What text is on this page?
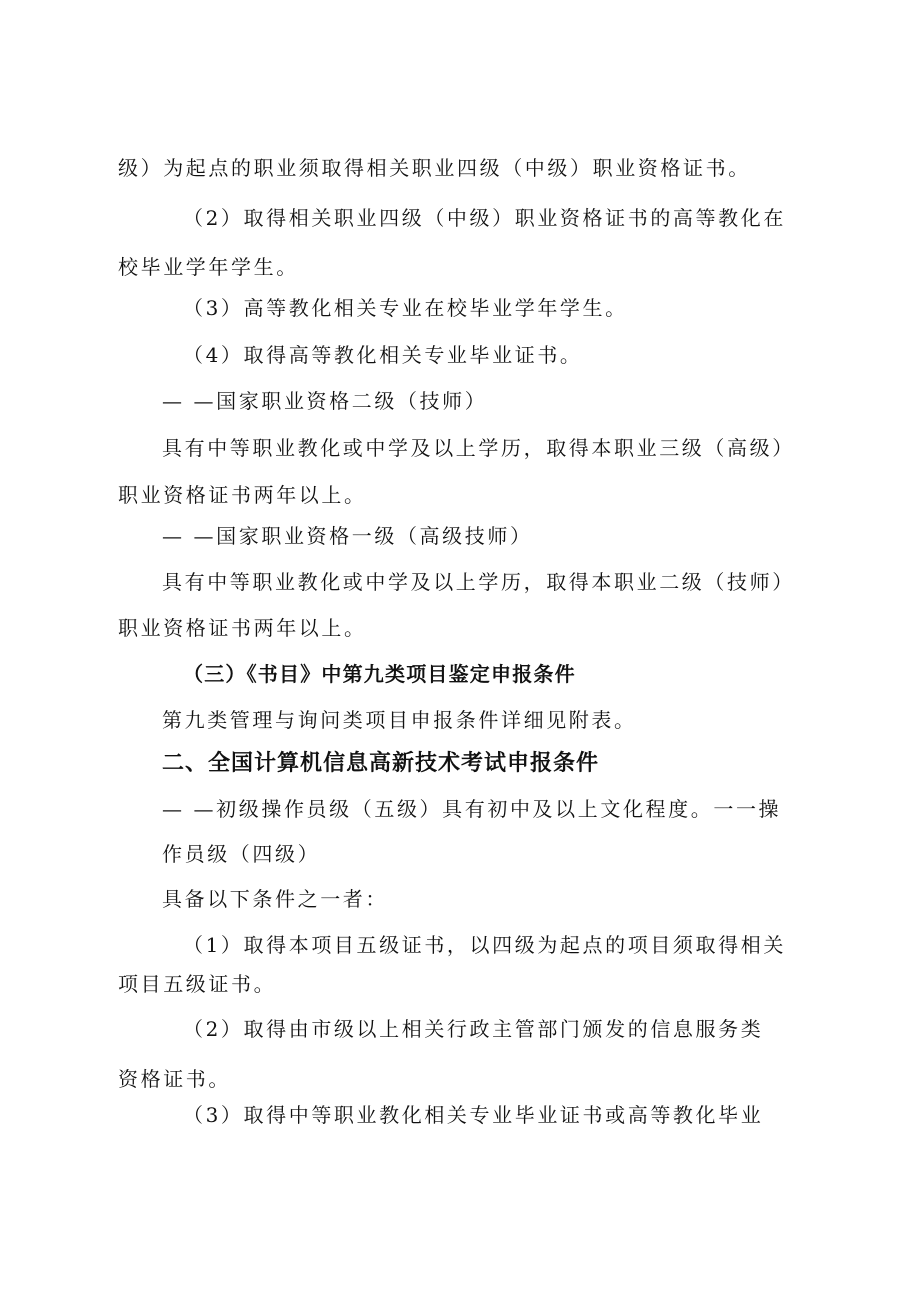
级）为起点的职业须取得相关职业四级（中级）职业资格证书。
（2）取得相关职业四级（中级）职业资格证书的高等教化在
校毕业学年学生。
（3）高等教化相关专业在校毕业学年学生。
（4）取得高等教化相关专业毕业证书。
— —国家职业资格二级（技师）
具有中等职业教化或中学及以上学历，取得本职业三级（高级）
职业资格证书两年以上。
— —国家职业资格一级（高级技师）
具有中等职业教化或中学及以上学历，取得本职业二级（技师）
职业资格证书两年以上。
（三）《书目》中第九类项目鉴定申报条件
第九类管理与询问类项目申报条件详细见附表。
二、全国计算机信息高新技术考试申报条件
— —初级操作员级（五级）具有初中及以上文化程度。一一操
作员级（四级）
具备以下条件之一者：
（1）取得本项目五级证书，以四级为起点的项目须取得相关
项目五级证书。
（2）取得由市级以上相关行政主管部门颁发的信息服务类
资格证书。
（3）取得中等职业教化相关专业毕业证书或高等教化毕业
